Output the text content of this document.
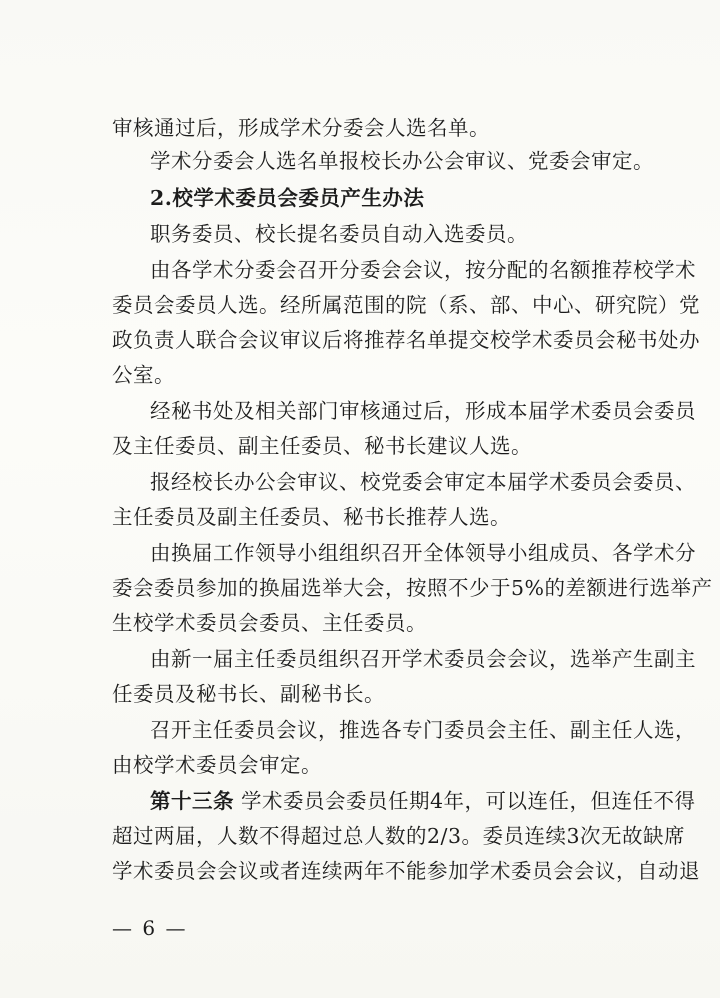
审核通过后，形成学术分委会人选名单。
学术分委会人选名单报校长办公会审议、党委会审定。
2.校学术委员会委员产生办法
职务委员、校长提名委员自动入选委员。
由各学术分委会召开分委会会议，按分配的名额推荐校学术
委员会委员人选。经所属范围的院（系、部、中心、研究院）党
政负责人联合会议审议后将推荐名单提交校学术委员会秘书处办
公室。
经秘书处及相关部门审核通过后，形成本届学术委员会委员
及主任委员、副主任委员、秘书长建议人选。
报经校长办公会审议、校党委会审定本届学术委员会委员、
主任委员及副主任委员、秘书长推荐人选。
由换届工作领导小组组织召开全体领导小组成员、各学术分
委会委员参加的换届选举大会，按照不少于5%的差额进行选举产
生校学术委员会委员、主任委员。
由新一届主任委员组织召开学术委员会会议，选举产生副主
任委员及秘书长、副秘书长。
召开主任委员会议，推选各专门委员会主任、副主任人选，
由校学术委员会审定。
第十三条 学术委员会委员任期4年，可以连任，但连任不得
超过两届，人数不得超过总人数的2/3。委员连续3次无故缺席
学术委员会会议或者连续两年不能参加学术委员会会议，自动退
— 6 —
